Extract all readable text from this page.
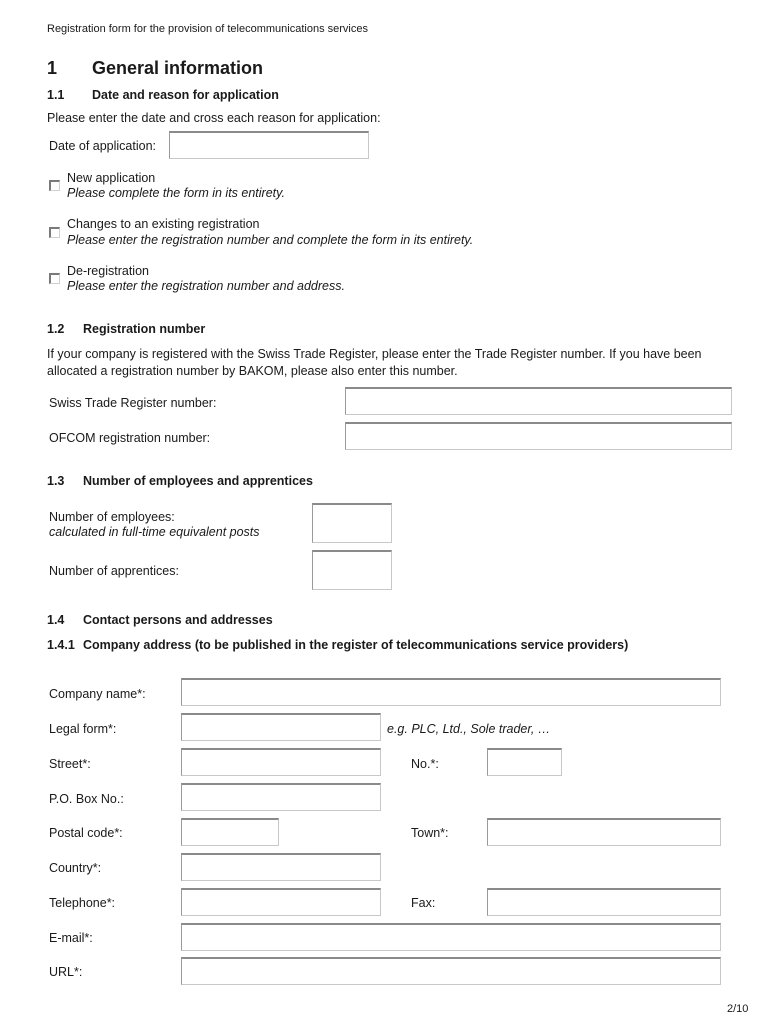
Registration form for the provision of telecommunications services
1 General information
1.1 Date and reason for application
Please enter the date and cross each reason for application:
Date of application:
New application
Please complete the form in its entirety.
Changes to an existing registration
Please enter the registration number and complete the form in its entirety.
De-registration
Please enter the registration number and address.
1.2 Registration number
If your company is registered with the Swiss Trade Register, please enter the Trade Register number. If you have been
allocated a registration number by BAKOM, please also enter this number.
Swiss Trade Register number:
OFCOM registration number:
1.3 Number of employees and apprentices
Number of employees:
calculated in full-time equivalent posts
Number of apprentices:
1.4 Contact persons and addresses
1.4.1 Company address (to be published in the register of telecommunications service providers)
Company name*:
Legal form*:	e.g. PLC, Ltd., Sole trader, …
Street*:	No.*:
P.O. Box No.:
Postal code*:	Town*:
Country*:
Telephone*:	Fax:
E-mail*:
URL*:
2/10
